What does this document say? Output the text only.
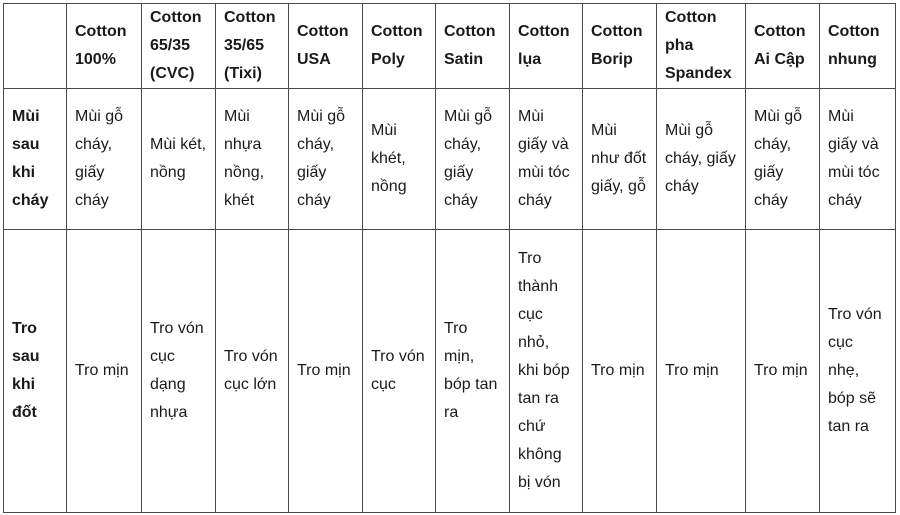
	Cotton 100%	Cotton 65/35 (CVC)	Cotton 35/65 (Tixi)	Cotton USA	Cotton Poly	Cotton Satin	Cotton lụa	Cotton Borip	Cotton pha Spandex	Cotton Ai Cập	Cotton nhung
Mùi sau khi cháy	Mùi gỗ cháy, giấy cháy	Mùi két, nồng	Mùi nhựa nồng, khét	Mùi gỗ cháy, giấy cháy	Mùi khét, nồng	Mùi gỗ cháy, giấy cháy	Mùi giấy và mùi tóc cháy	Mùi như đốt giấy, gỗ	Mùi gỗ cháy, giấy cháy	Mùi gỗ cháy, giấy cháy	Mùi giấy và mùi tóc cháy
Tro sau khi đốt	Tro mịn	Tro vón cục dạng nhựa	Tro vón cục lớn	Tro mịn	Tro vón cục	Tro mịn, bóp tan ra	Tro thành cục nhỏ, khi bóp tan ra chứ không bị vón	Tro mịn	Tro mịn	Tro mịn	Tro vón cục nhẹ, bóp sẽ tan ra
